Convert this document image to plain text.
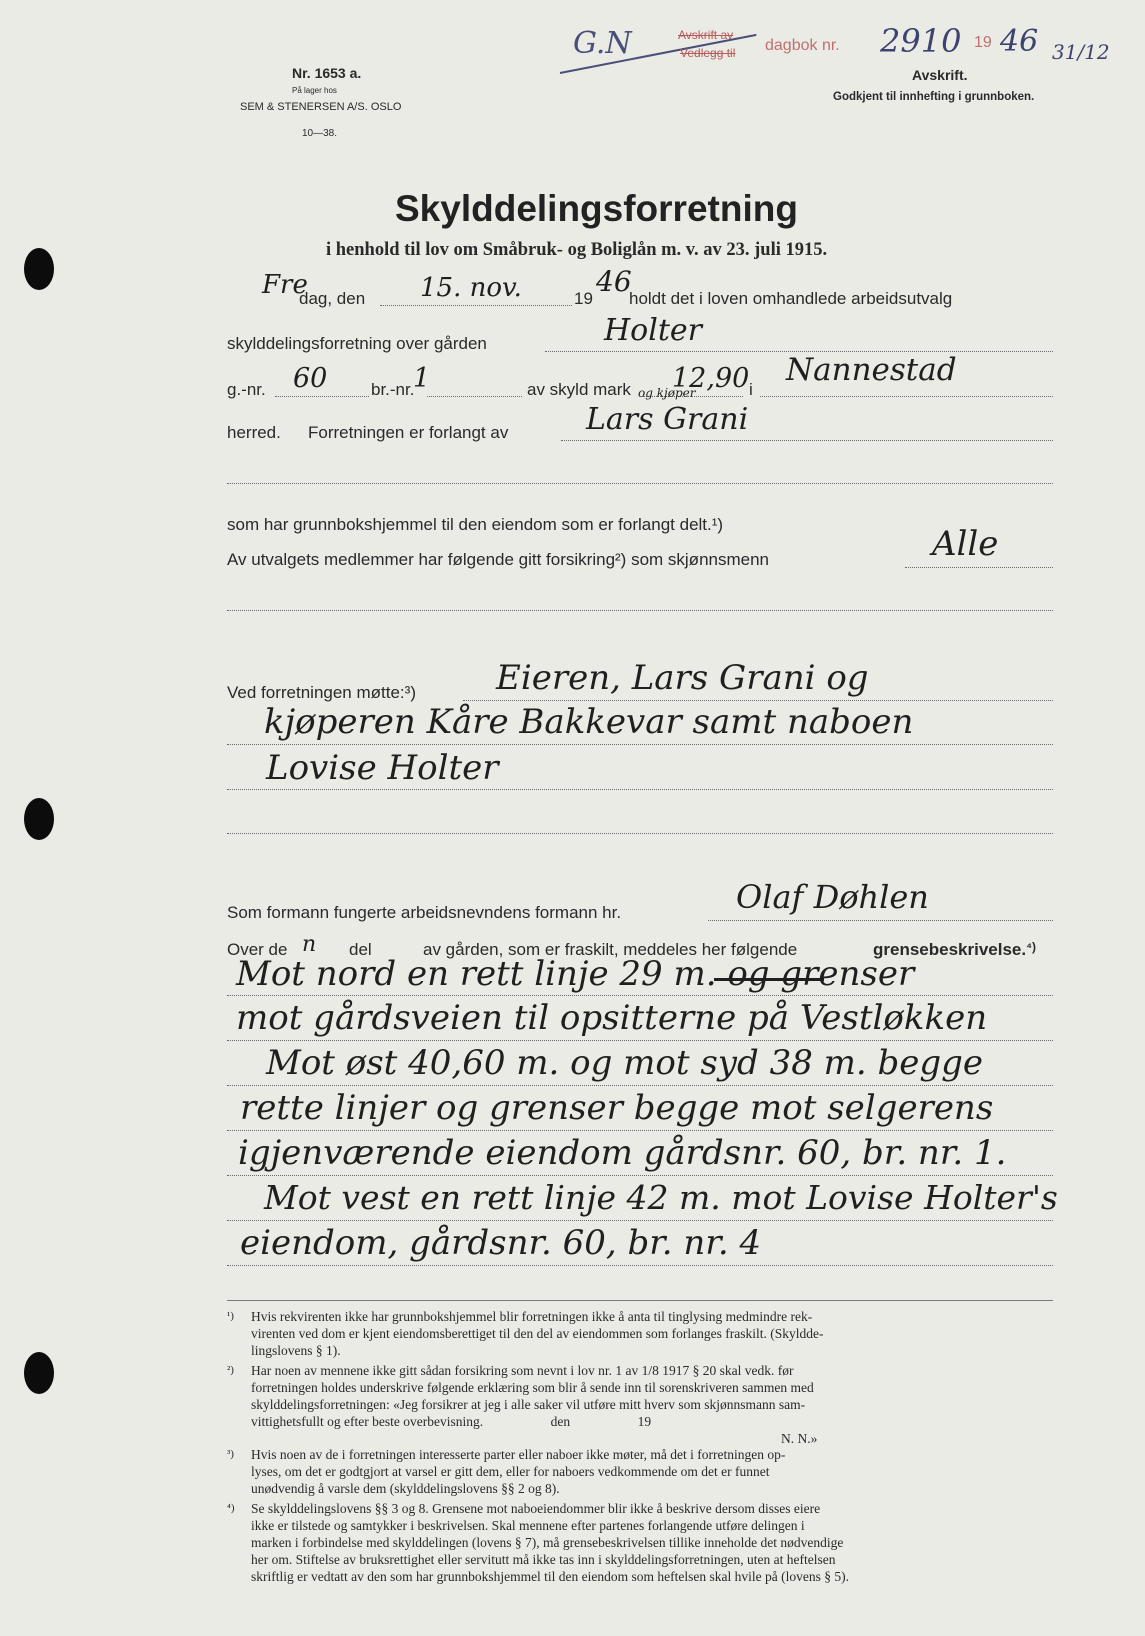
G.N	Avskrift av
Vedlegg til dagbok nr. 2910 19 46 31/12
Avskrift.
Godkjent til innhefting i grunnboken.
Nr. 1653 a.
På lager hos
SEM & STENERSEN A/S. OSLO
10—38.
Skylddelingsforretning
i henhold til lov om Småbruk- og Boliglån m. v. av 23. juli 1915.
Fre
dag, den 15. nov.	19
46
holdt det i loven omhandlede arbeidsutvalg
skylddelingsforretning over gården	Holter
g.-nr. 60	br.-nr.
1	av skyld mark 12,90 i
Nannestad
herred. Forretningen er forlangt av
og kjøper
Lars Grani
som har grunnbokshjemmel til den eiendom som er forlangt delt.¹)
Av utvalgets medlemmer har følgende gitt forsikring²) som skjønnsmenn	Alle
Ved forretningen møtte:³) Eieren, Lars Grani og
kjøperen Kåre Bakkevar samt naboen
Lovise Holter
Som formann fungerte arbeidsnevndens formann hr.	Olaf Døhlen
Over de n del	av gården, som er fraskilt, meddeles her følgende	grensebeskrivelse.$^{^4)}$
Mot nord en rett linje 29 m. og grenser
mot gårdsveien til opsitterne på Vestløkken
Mot øst 40,60 m. og mot syd 38 m. begge
rette linjer og grenser begge mot selgerens
igjenværende eiendom gårdsnr. 60, br. nr. 1.
Mot vest en rett linje 42 m. mot Lovise Holter's
eiendom, gårdsnr. 60, br. nr. 4
¹) Hvis rekvirenten ikke har grunnbokshjemmel blir forretningen ikke å anta til tinglysing medmindre rek-
virenten ved dom er kjent eiendomsberettiget til den del av eiendommen som forlanges fraskilt. (Skyldde-
lingslovens § 1).
²) Har noen av mennene ikke gitt sådan forsikring som nevnt i lov nr. 1 av 1/8 1917 § 20 skal vedk. før
forretningen holdes underskrive følgende erklæring som blir å sende inn til sorenskriveren sammen med
skylddelingsforretningen: «Jeg forsikrer at jeg i alle saker vil utføre mitt hverv som skjønnsmann sam-
vittighetsfullt og efter beste overbevisning.                    den                    19
N. N.»
³) Hvis noen av de i forretningen interesserte parter eller naboer ikke møter, må det i forretningen op-
lyses, om det er godtgjort at varsel er gitt dem, eller for naboers vedkommende om det er funnet
unødvendig å varsle dem (skylddelingslovens §§ 2 og 8).
⁴) Se skylddelingslovens §§ 3 og 8. Grensene mot naboeiendommer blir ikke å beskrive dersom disses eiere
ikke er tilstede og samtykker i beskrivelsen. Skal mennene efter partenes forlangende utføre delingen i
marken i forbindelse med skylddelingen (lovens § 7), må grensebeskrivelsen tillike inneholde det nødvendige
her om. Stiftelse av bruksrettighet eller servitutt må ikke tas inn i skylddelingsforretningen, uten at heftelsen
skriftlig er vedtatt av den som har grunnbokshjemmel til den eiendom som heftelsen skal hvile på (lovens § 5).
